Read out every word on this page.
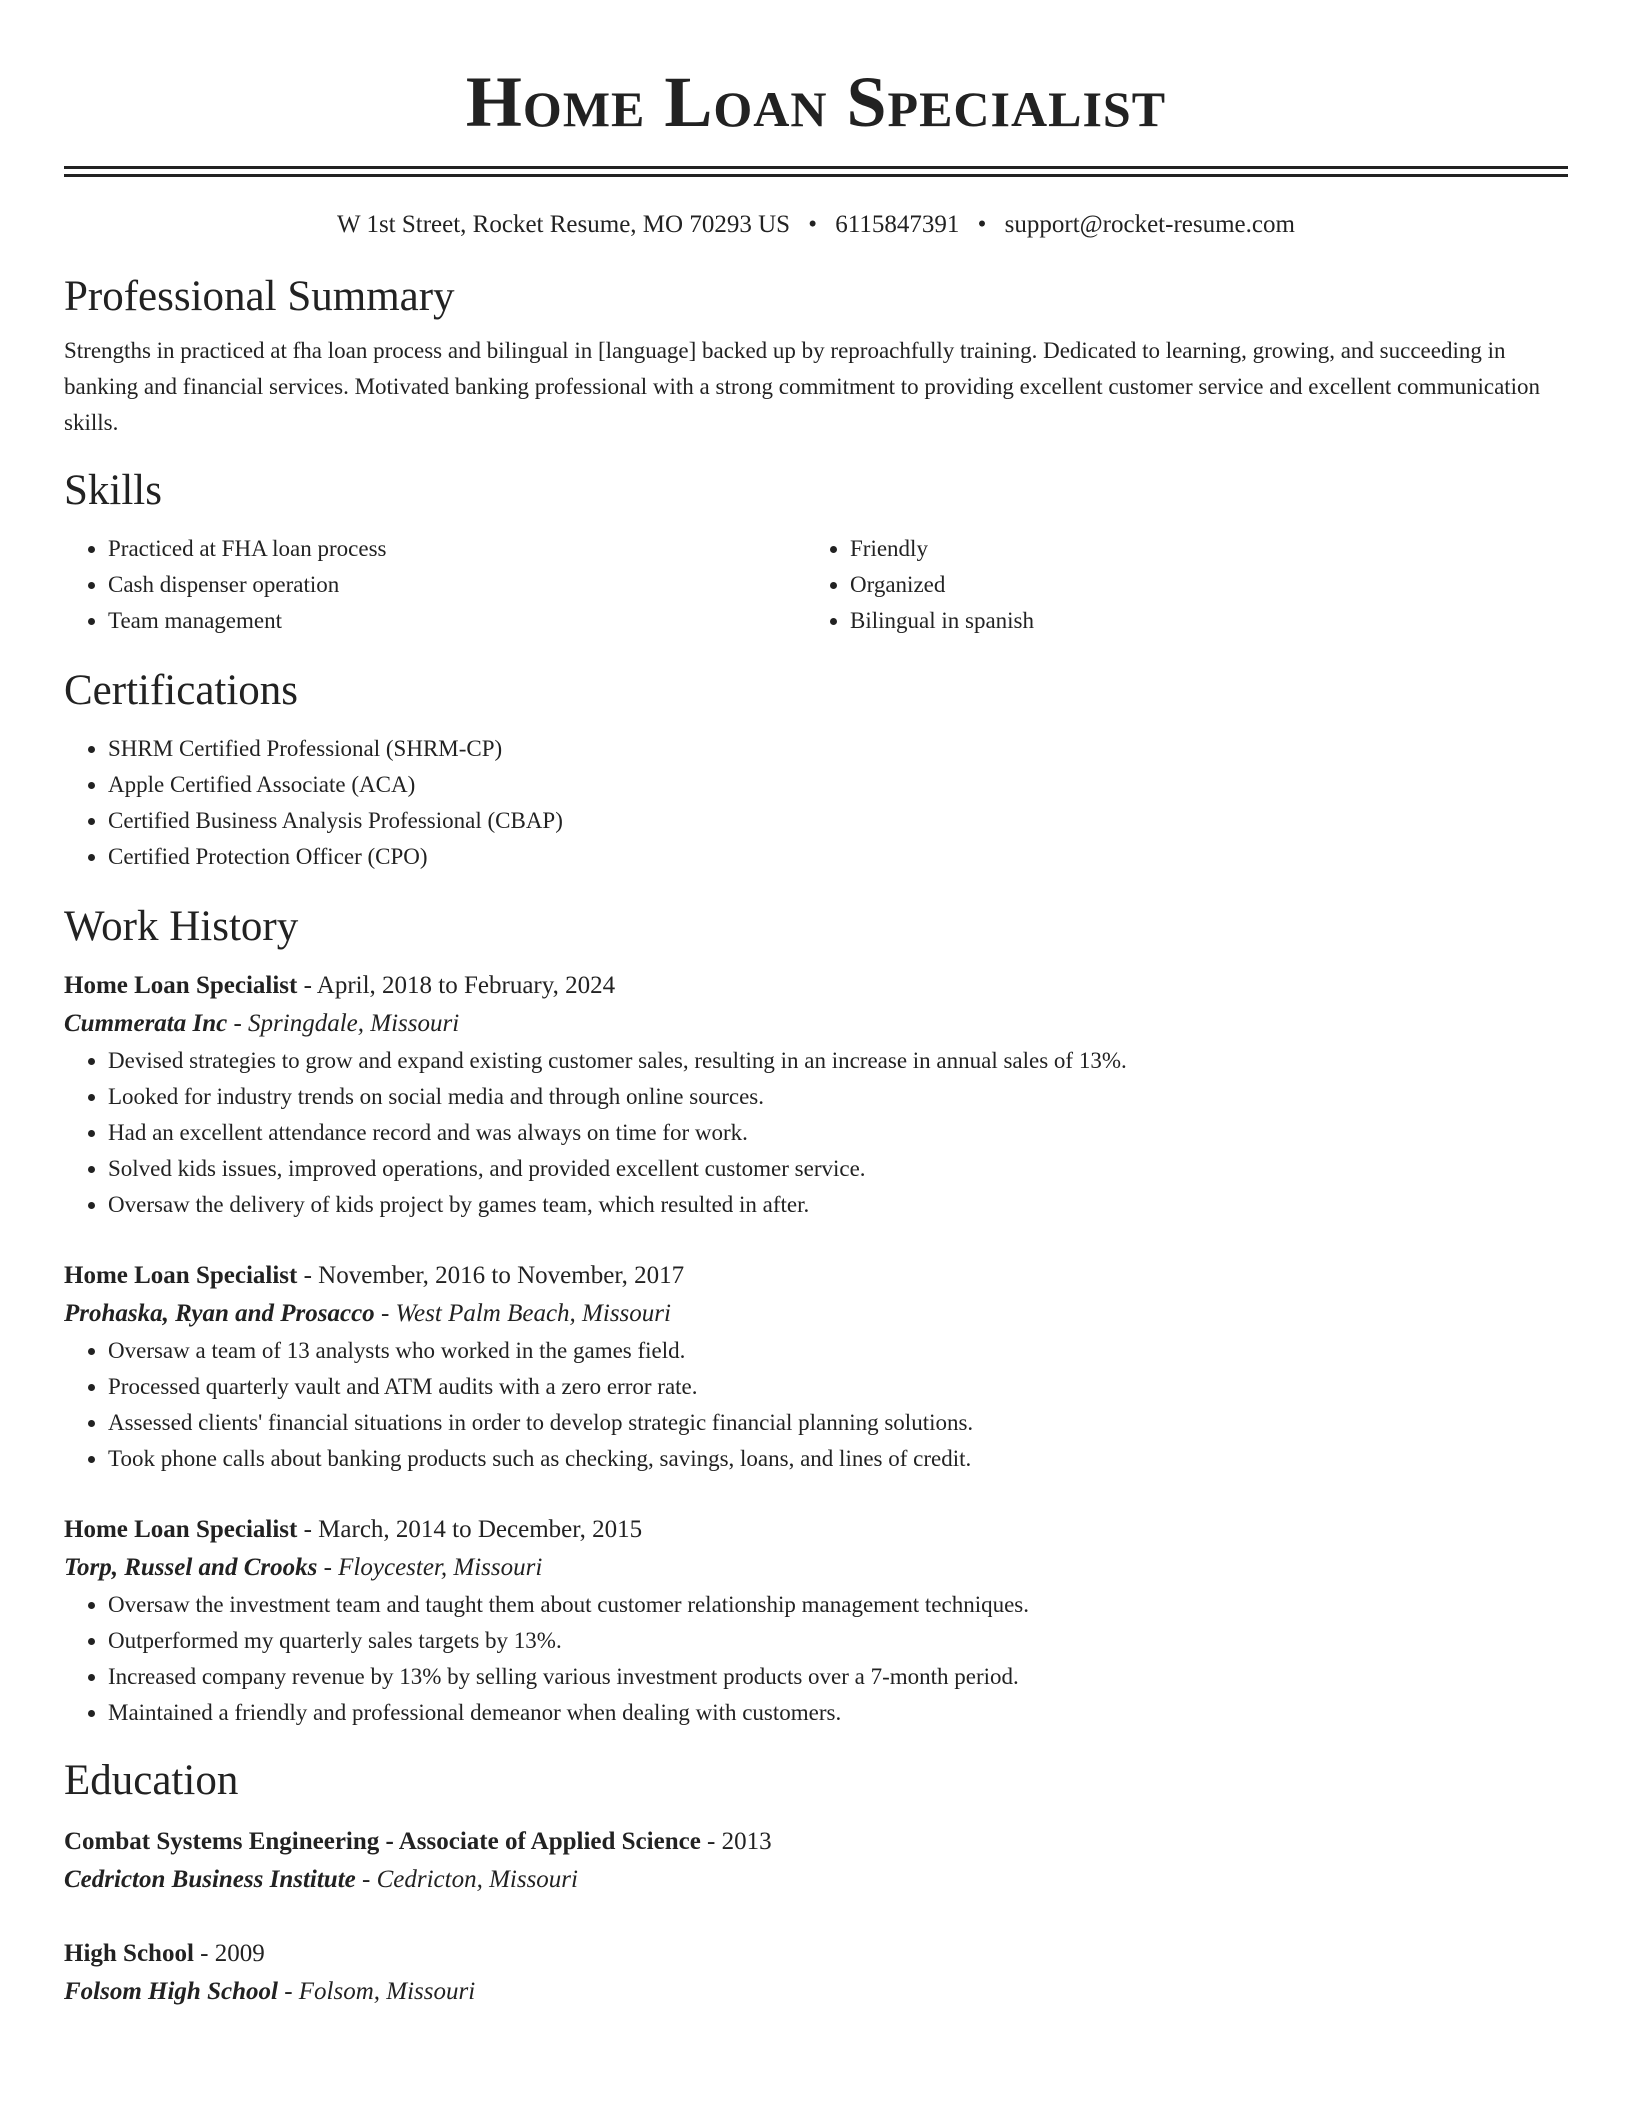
Home Loan Specialist
W 1st Street, Rocket Resume, MO 70293 US • 6115847391 • support@rocket-resume.com
Professional Summary
Strengths in practiced at fha loan process and bilingual in [language] backed up by reproachfully training. Dedicated to learning, growing, and succeeding in banking and financial services. Motivated banking professional with a strong commitment to providing excellent customer service and excellent communication skills.
Skills
• Practiced at FHA loan process
• Cash dispenser operation
• Team management
• Friendly
• Organized
• Bilingual in spanish
Certifications
• SHRM Certified Professional (SHRM-CP)
• Apple Certified Associate (ACA)
• Certified Business Analysis Professional (CBAP)
• Certified Protection Officer (CPO)
Work History
Home Loan Specialist - April, 2018 to February, 2024
Cummerata Inc - Springdale, Missouri
• Devised strategies to grow and expand existing customer sales, resulting in an increase in annual sales of 13%.
• Looked for industry trends on social media and through online sources.
• Had an excellent attendance record and was always on time for work.
• Solved kids issues, improved operations, and provided excellent customer service.
• Oversaw the delivery of kids project by games team, which resulted in after.
Home Loan Specialist - November, 2016 to November, 2017
Prohaska, Ryan and Prosacco - West Palm Beach, Missouri
• Oversaw a team of 13 analysts who worked in the games field.
• Processed quarterly vault and ATM audits with a zero error rate.
• Assessed clients' financial situations in order to develop strategic financial planning solutions.
• Took phone calls about banking products such as checking, savings, loans, and lines of credit.
Home Loan Specialist - March, 2014 to December, 2015
Torp, Russel and Crooks - Floycester, Missouri
• Oversaw the investment team and taught them about customer relationship management techniques.
• Outperformed my quarterly sales targets by 13%.
• Increased company revenue by 13% by selling various investment products over a 7-month period.
• Maintained a friendly and professional demeanor when dealing with customers.
Education
Combat Systems Engineering - Associate of Applied Science - 2013
Cedricton Business Institute - Cedricton, Missouri
High School - 2009
Folsom High School - Folsom, Missouri
